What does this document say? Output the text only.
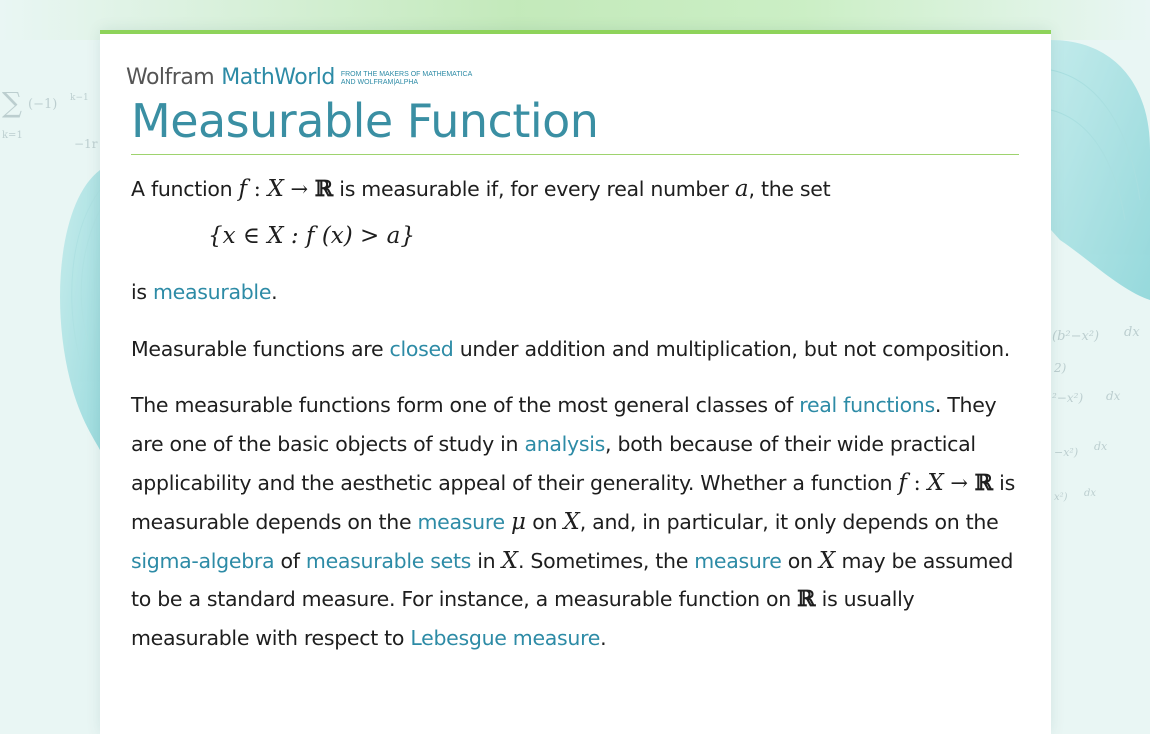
∑ (−1) k−1
k=1
−1r
(b²−x²) dx
2)
²−x²) dx
−x²) dx
x²) dx
Wolfram MathWorld FROM THE MAKERS OF MATHEMATICA
AND WOLFRAM|ALPHA
Measurable Function

A function f : X → ℝ is measurable if, for every real number a, the set

{x ∈ X : f (x) > a}

is measurable.

Measurable functions are closed under addition and multiplication, but not composition.

The measurable functions form one of the most general classes of real functions. They are one of the basic objects of study in analysis, both because of their wide practical applicability and the aesthetic appeal of their generality. Whether a function f : X → ℝ is measurable depends on the measure μ on X, and, in particular, it only depends on the sigma-algebra of measurable sets in X. Sometimes, the measure on X may be assumed to be a standard measure. For instance, a measurable function on ℝ is usually measurable with respect to Lebesgue measure.
